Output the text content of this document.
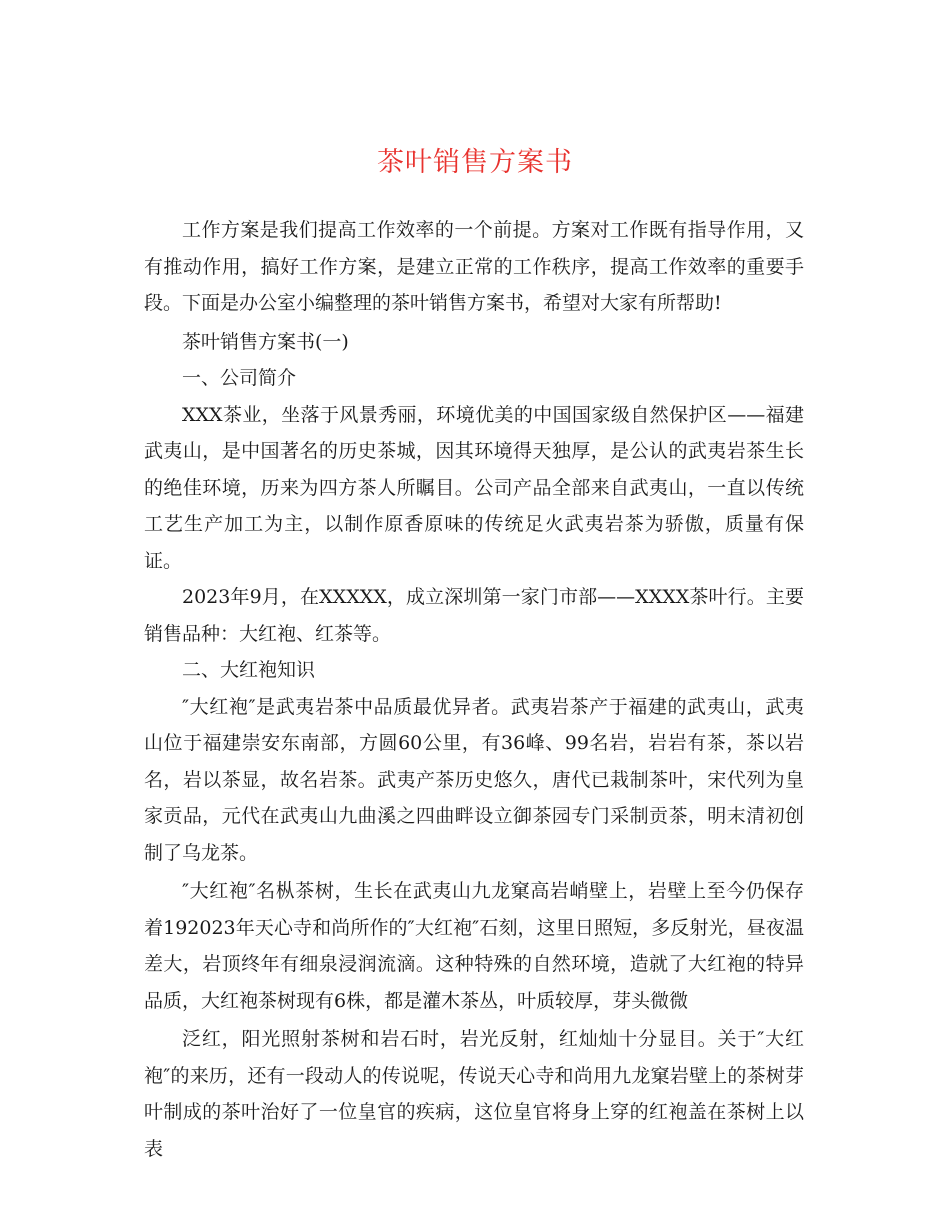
茶叶销售方案书

工作方案是我们提高工作效率的一个前提。方案对工作既有指导作用，又有推动作用，搞好工作方案，是建立正常的工作秩序，提高工作效率的重要手段。下面是办公室小编整理的茶叶销售方案书，希望对大家有所帮助!

茶叶销售方案书(一)

一、公司简介

XXX茶业，坐落于风景秀丽，环境优美的中国国家级自然保护区——福建武夷山，是中国著名的历史茶城，因其环境得天独厚，是公认的武夷岩茶生长的绝佳环境，历来为四方茶人所瞩目。公司产品全部来自武夷山，一直以传统工艺生产加工为主，以制作原香原味的传统足火武夷岩茶为骄傲，质量有保证。

2023年9月，在XXXXX，成立深圳第一家门市部——XXXX茶叶行。主要销售品种：大红袍、红茶等。

二、大红袍知识

″大红袍″是武夷岩茶中品质最优异者。武夷岩茶产于福建的武夷山，武夷山位于福建崇安东南部，方圆60公里，有36峰、99名岩，岩岩有茶，茶以岩名，岩以茶显，故名岩茶。武夷产茶历史悠久，唐代已栽制茶叶，宋代列为皇家贡品，元代在武夷山九曲溪之四曲畔设立御茶园专门采制贡茶，明末清初创制了乌龙茶。

″大红袍″名枞茶树，生长在武夷山九龙窠高岩峭壁上，岩壁上至今仍保存着192023年天心寺和尚所作的″大红袍″石刻，这里日照短，多反射光，昼夜温差大，岩顶终年有细泉浸润流滴。这种特殊的自然环境，造就了大红袍的特异品质，大红袍茶树现有6株，都是灌木茶丛，叶质较厚，芽头微微

泛红，阳光照射茶树和岩石时，岩光反射，红灿灿十分显目。关于″大红袍″的来历，还有一段动人的传说呢，传说天心寺和尚用九龙窠岩壁上的茶树芽叶制成的茶叶治好了一位皇官的疾病，这位皇官将身上穿的红袍盖在茶树上以表
